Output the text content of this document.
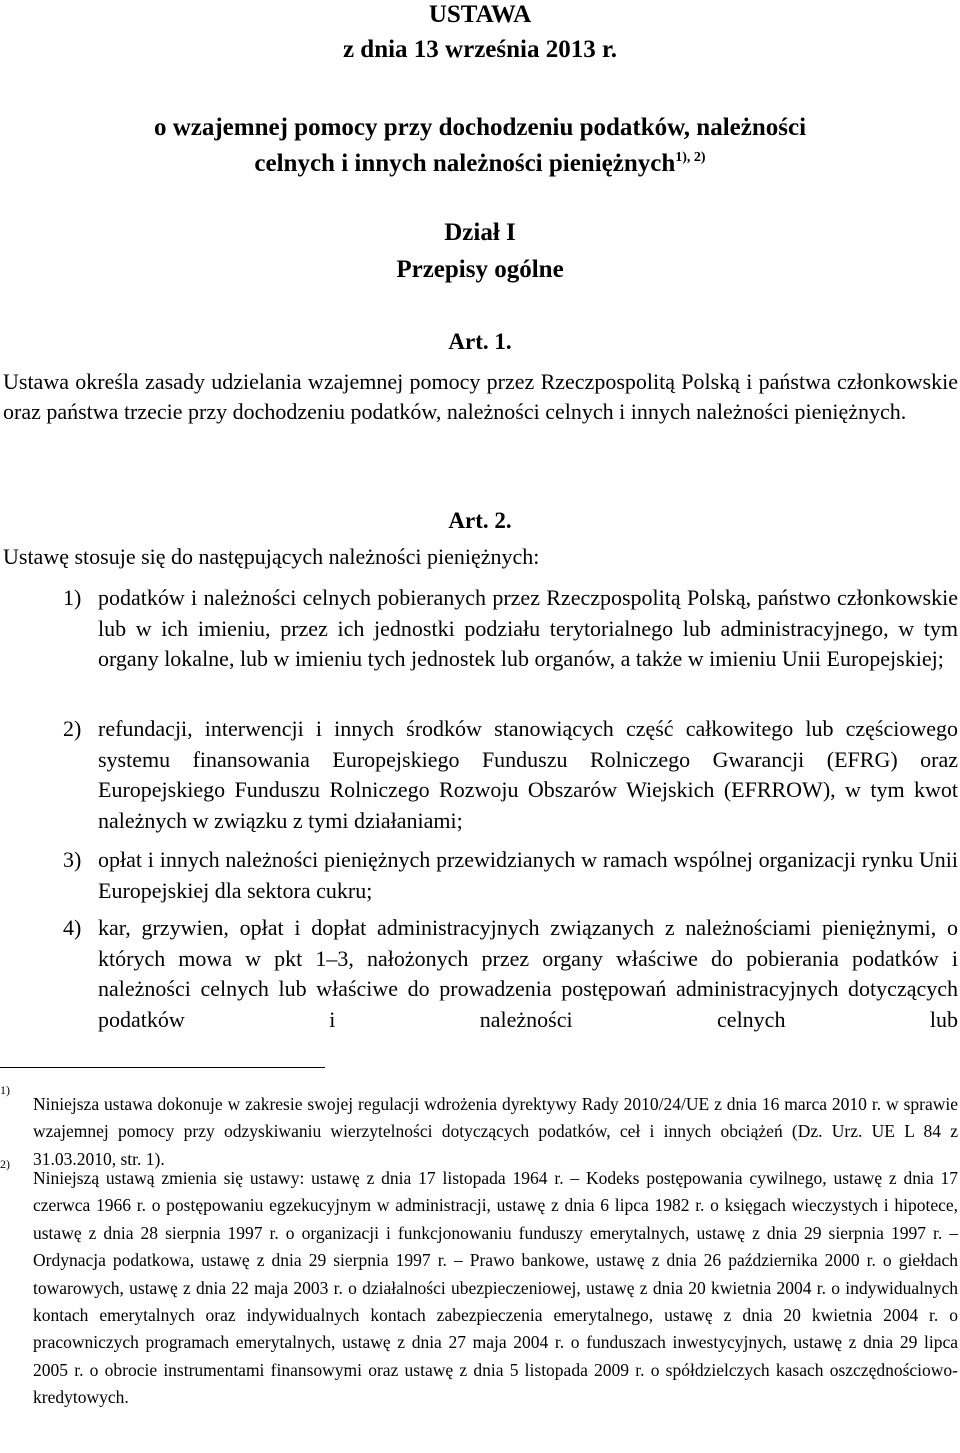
USTAWA
z dnia 13 września 2013 r.
o wzajemnej pomocy przy dochodzeniu podatków, należności
celnych i innych należności pieniężnych$^{1), 2)}$
Dział I
Przepisy ogólne
Art. 1.
Ustawa określa zasady udzielania wzajemnej pomocy przez Rzeczpospolitą Polską i państwa członkowskie oraz państwa trzecie przy dochodzeniu podatków, należności celnych i innych należności pieniężnych.
Art. 2.
Ustawę stosuje się do następujących należności pieniężnych:
1) podatków i należności celnych pobieranych przez Rzeczpospolitą Polską, państwo członkowskie lub w ich imieniu, przez ich jednostki podziału terytorialnego lub administracyjnego, w tym organy lokalne, lub w imieniu tych jednostek lub organów, a także w imieniu Unii Europejskiej;
2) refundacji, interwencji i innych środków stanowiących część całkowitego lub częściowego systemu finansowania Europejskiego Funduszu Rolniczego Gwarancji (EFRG) oraz Europejskiego Funduszu Rolniczego Rozwoju Obszarów Wiejskich (EFRROW), w tym kwot należnych w związku z tymi działaniami;
3) opłat i innych należności pieniężnych przewidzianych w ramach wspólnej organizacji rynku Unii Europejskiej dla sektora cukru;
4) kar, grzywien, opłat i dopłat administracyjnych związanych z należnościami pieniężnymi, o których mowa w pkt 1–3, nałożonych przez organy właściwe do pobierania podatków i należności celnych lub właściwe do prowadzenia postępowań administracyjnych dotyczących podatków i należności celnych lub
1)
Niniejsza ustawa dokonuje w zakresie swojej regulacji wdrożenia dyrektywy Rady 2010/24/UE z dnia 16 marca 2010 r. w sprawie wzajemnej pomocy przy odzyskiwaniu wierzytelności dotyczących podatków, ceł i innych obciążeń (Dz. Urz. UE L 84 z 31.03.2010, str. 1).
2)
Niniejszą ustawą zmienia się ustawy: ustawę z dnia 17 listopada 1964 r. – Kodeks postępowania cywilnego, ustawę z dnia 17 czerwca 1966 r. o postępowaniu egzekucyjnym w administracji, ustawę z dnia 6 lipca 1982 r. o księgach wieczystych i hipotece, ustawę z dnia 28 sierpnia 1997 r. o organizacji i funkcjonowaniu funduszy emerytalnych, ustawę z dnia 29 sierpnia 1997 r. – Ordynacja podatkowa, ustawę z dnia 29 sierpnia 1997 r. – Prawo bankowe, ustawę z dnia 26 października 2000 r. o giełdach towarowych, ustawę z dnia 22 maja 2003 r. o działalności ubezpieczeniowej, ustawę z dnia 20 kwietnia 2004 r. o indywidualnych kontach emerytalnych oraz indywidualnych kontach zabezpieczenia emerytalnego, ustawę z dnia 20 kwietnia 2004 r. o pracowniczych programach emerytalnych, ustawę z dnia 27 maja 2004 r. o funduszach inwestycyjnych, ustawę z dnia 29 lipca 2005 r. o obrocie instrumentami finansowymi oraz ustawę z dnia 5 listopada 2009 r. o spółdzielczych kasach oszczędnościowo-kredytowych.
